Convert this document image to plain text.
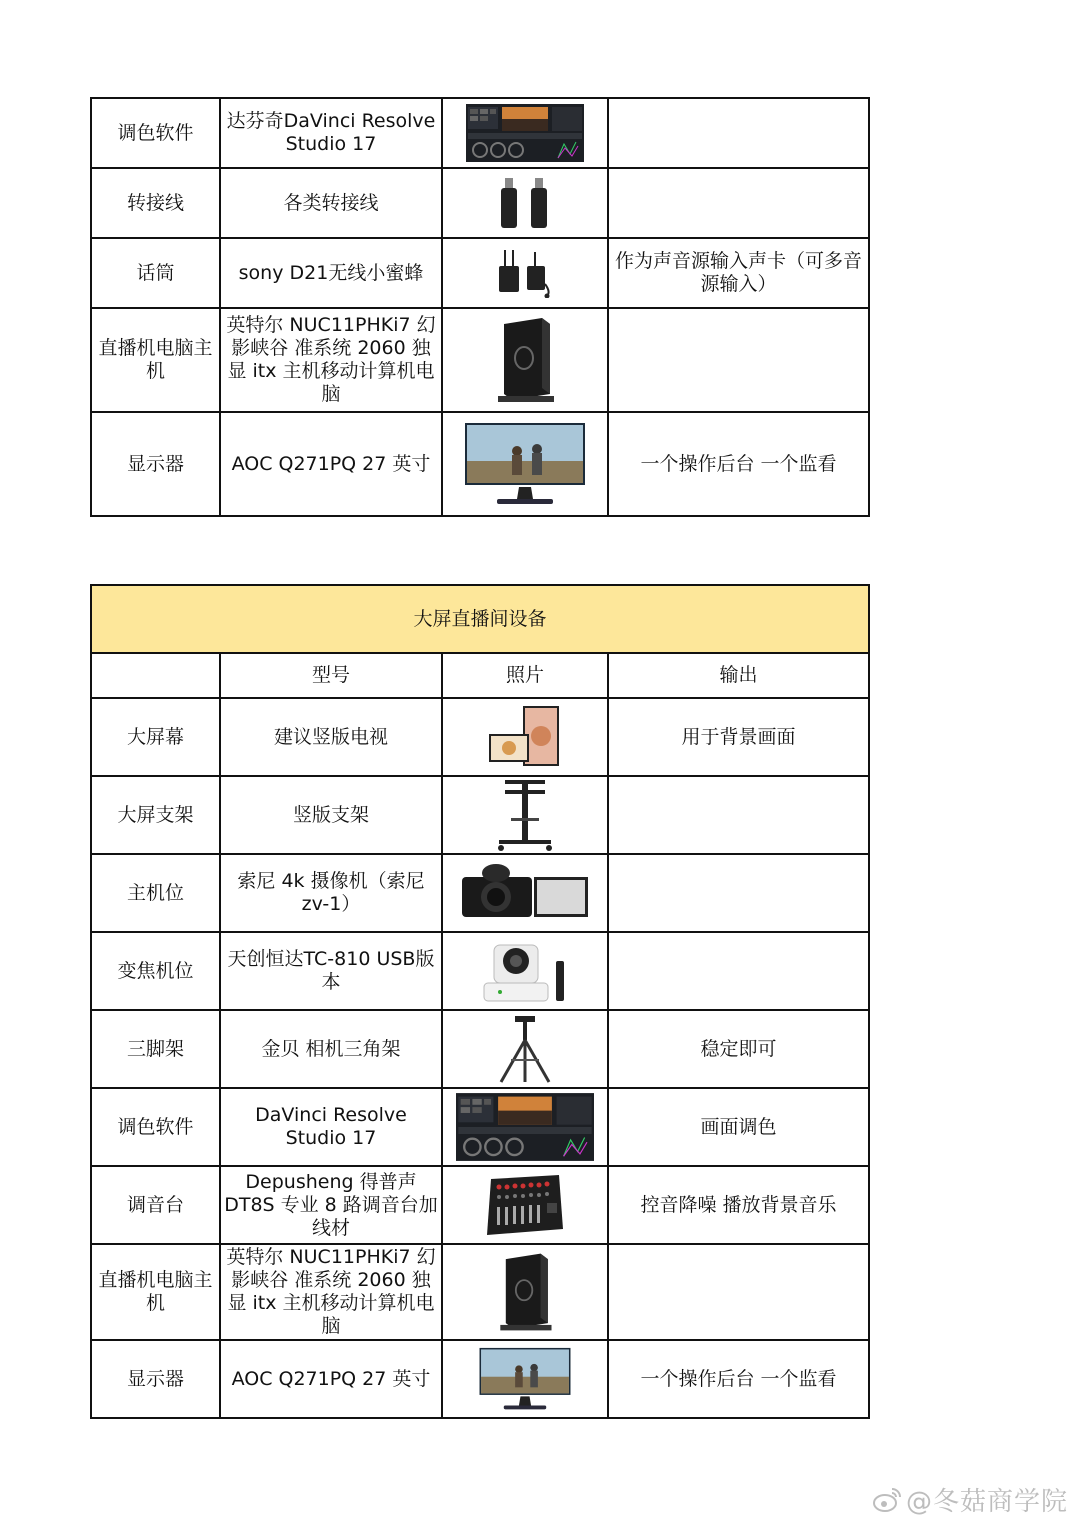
调色软件	达芬奇DaVinci Resolve Studio 17	

转接线	各类转接线	

话筒	sony D21无线小蜜蜂		作为声音源输入声卡（可多音源输入）
直播机电脑主机	英特尔 NUC11PHKi7 幻影峡谷 准系统 2060 独显 itx 主机移动计算机电脑	

显示器	AOC Q271PQ 27 英寸		一个操作后台 一个监看
大屏直播间设备			
	型号	照片	输出
大屏幕	建议竖版电视		用于背景画面
大屏支架	竖版支架	

主机位	索尼 4k 摄像机（索尼 zv-1）	

变焦机位	天创恒达TC-810 USB版本	

三脚架	金贝 相机三角架		稳定即可
调色软件	DaVinci Resolve Studio 17		画面调色
调音台	Depusheng 得普声 DT8S 专业 8 路调音台加线材		控音降噪 播放背景音乐
直播机电脑主机	英特尔 NUC11PHKi7 幻影峡谷 准系统 2060 独显 itx 主机移动计算机电脑	

显示器	AOC Q271PQ 27 英寸		一个操作后台 一个监看
@冬菇商学院
